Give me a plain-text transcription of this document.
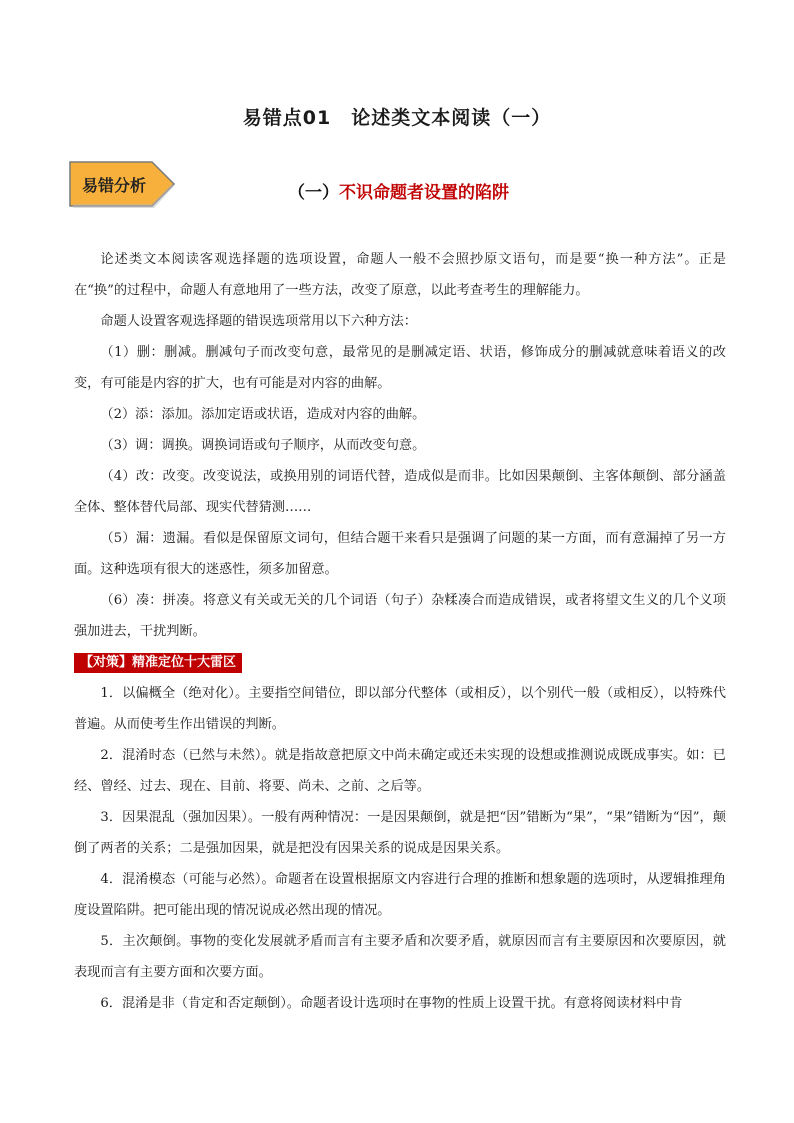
易错点01　论述类文本阅读（一）
易错分析	（一）不识命题者设置的陷阱

论述类文本阅读客观选择题的选项设置，命题人一般不会照抄原文语句，而是要“换一种方法”。正是在“换”的过程中，命题人有意地用了一些方法，改变了原意，以此考查考生的理解能力。

命题人设置客观选择题的错误选项常用以下六种方法：

（1）删：删减。删减句子而改变句意，最常见的是删减定语、状语，修饰成分的删减就意味着语义的改变，有可能是内容的扩大，也有可能是对内容的曲解。

（2）添：添加。添加定语或状语，造成对内容的曲解。

（3）调：调换。调换词语或句子顺序，从而改变句意。

（4）改：改变。改变说法，或换用别的词语代替，造成似是而非。比如因果颠倒、主客体颠倒、部分涵盖全体、整体替代局部、现实代替猜测……

（5）漏：遗漏。看似是保留原文词句，但结合题干来看只是强调了问题的某一方面，而有意漏掉了另一方面。这种选项有很大的迷惑性，须多加留意。

（6）凑：拼凑。将意义有关或无关的几个词语（句子）杂糅凑合而造成错误，或者将望文生义的几个义项强加进去，干扰判断。

【对策】精准定位十大雷区

1．以偏概全（绝对化）。主要指空间错位，即以部分代整体（或相反），以个别代一般（或相反），以特殊代普遍。从而使考生作出错误的判断。

2．混淆时态（已然与未然）。就是指故意把原文中尚未确定或还未实现的设想或推测说成既成事实。如：已经、曾经、过去、现在、目前、将要、尚未、之前、之后等。

3．因果混乱（强加因果）。一般有两种情况：一是因果颠倒，就是把“因”错断为“果”，“果”错断为“因”，颠倒了两者的关系；二是强加因果，就是把没有因果关系的说成是因果关系。

4．混淆模态（可能与必然）。命题者在设置根据原文内容进行合理的推断和想象题的选项时，从逻辑推理角度设置陷阱。把可能出现的情况说成必然出现的情况。

5．主次颠倒。事物的变化发展就矛盾而言有主要矛盾和次要矛盾，就原因而言有主要原因和次要原因，就表现而言有主要方面和次要方面。

6．混淆是非（肯定和否定颠倒）。命题者设计选项时在事物的性质上设置干扰。有意将阅读材料中肯
